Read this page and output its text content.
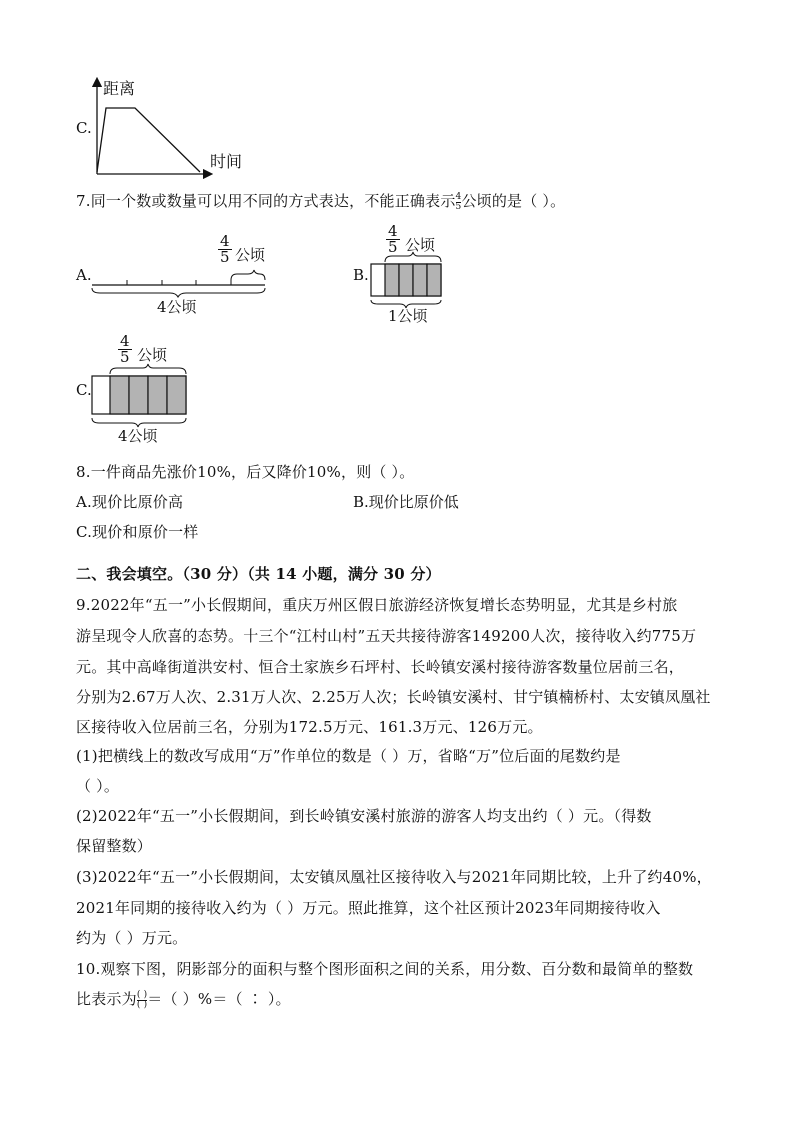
C.
距离
时间
7.同一个数或数量可以用不同的方式表达，不能正确表示 $\frac{4}{5}$ 公顷的是（ ）。
A.
$\frac{4}{5}$ 公顷
4公顷
B.
$\frac{4}{5}$ 公顷
1公顷
C.
$\frac{4}{5}$ 公顷
4公顷
8.一件商品先涨价10%，后又降价10%，则（ ）。
A.现价比原价高	B.现价比原价低
C.现价和原价一样
二、我会填空。（30 分）（共 14 小题，满分 30 分）
9.2022年“五一”小长假期间，重庆万州区假日旅游经济恢复增长态势明显，尤其是乡村旅
游呈现令人欣喜的态势。十三个“江村山村”五天共接待游客149200人次，接待收入约775万
元。其中高峰街道洪安村、恒合土家族乡石坪村、长岭镇安溪村接待游客数量位居前三名，
分别为2.67万人次、2.31万人次、2.25万人次；长岭镇安溪村、甘宁镇楠桥村、太安镇凤凰社
区接待收入位居前三名，分别为172.5万元、161.3万元、126万元。
(1)把横线上的数改写成用“万”作单位的数是（ ）万，省略“万”位后面的尾数约是
（ ）。
(2)2022年“五一”小长假期间，到长岭镇安溪村旅游的游客人均支出约（ ）元。（得数
保留整数）
(3)2022年“五一”小长假期间，太安镇凤凰社区接待收入与2021年同期比较，上升了约40%，
2021年同期的接待收入约为（ ）万元。照此推算，这个社区预计2023年同期接待收入
约为（ ）万元。
10.观察下图，阴影部分的面积与整个图形面积之间的关系，用分数、百分数和最简单的整数
比表示为 ( )
( ) ＝（ ）%＝（ ∶ ）。
